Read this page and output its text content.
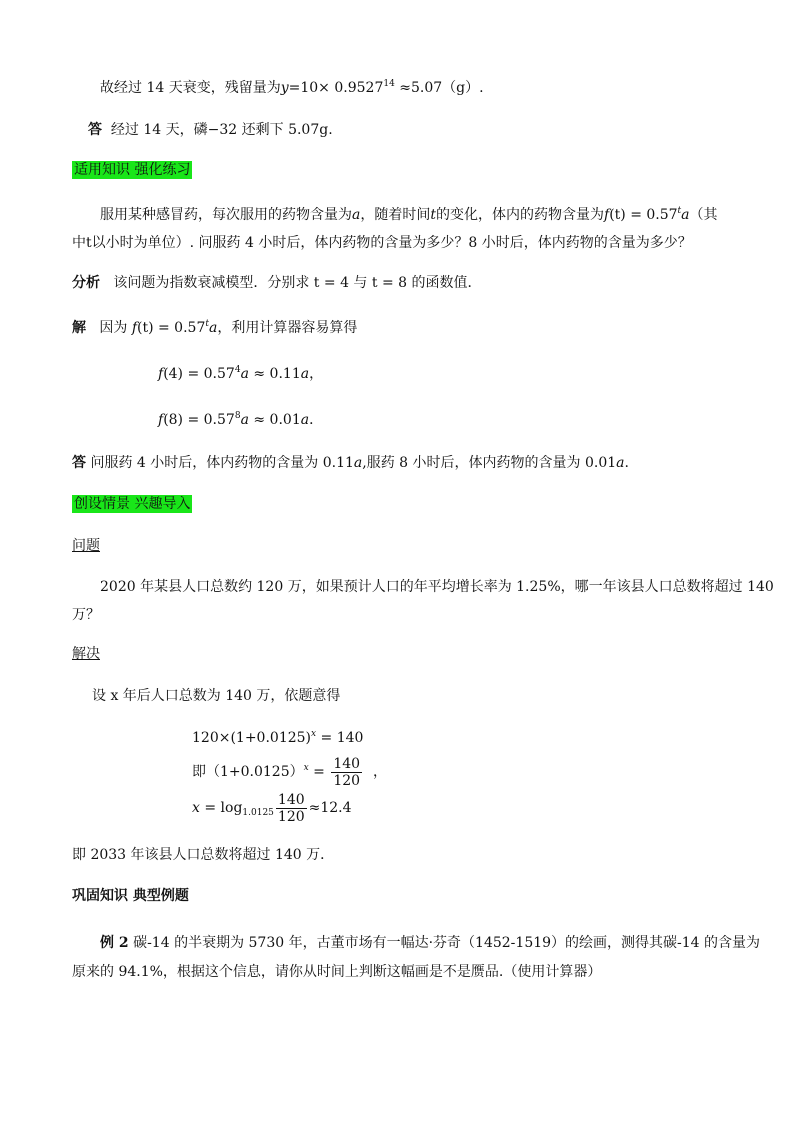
故经过 14 天衰变，残留量为$y=10\times 0.9527^{14} \approx 5.07(g)$.
答 经过 14 天，磷−32 还剩下 5.07g.
适用知识 强化练习
服用某种感冒药，每次服用的药物含量为a，随着时间t的变化，体内的药物含量为$f(t) = 0.57^ta$（其
中t以小时为单位）. 问服药 4 小时后，体内药物的含量为多少？8 小时后，体内药物的含量为多少？
分析 该问题为指数衰减模型．分别求 t = 4 与 t = 8 的函数值．
解 因为 $f(t) = 0.57^ta$，利用计算器容易算得
$f(4) = 0.57^4a \approx 0.11a$，
$f(8) = 0.57^8a \approx 0.01a$．
答 问服药 4 小时后，体内药物的含量为 0.11a,服药 8 小时后，体内药物的含量为 0.01a.
创设情景 兴趣导入
问题
2020 年某县人口总数约 120 万，如果预计人口的年平均增长率为 1.25%，哪一年该县人口总数将超过 140
万？
解决
设 x 年后人口总数为 140 万，依题意得
$120\times(1+0.0125)^x = 140$
即$(1+0.0125)^x = \frac{140}{120}$ ，
$x = \log_{1.0125} \frac{140}{120} \approx 12.4$
即 2033 年该县人口总数将超过 140 万．
巩固知识 典型例题
例 2 碳-14 的半衰期为 5730 年，古董市场有一幅达·芬奇（1452-1519）的绘画，测得其碳-14 的含量为
原来的 94.1%，根据这个信息，请你从时间上判断这幅画是不是赝品.（使用计算器）
